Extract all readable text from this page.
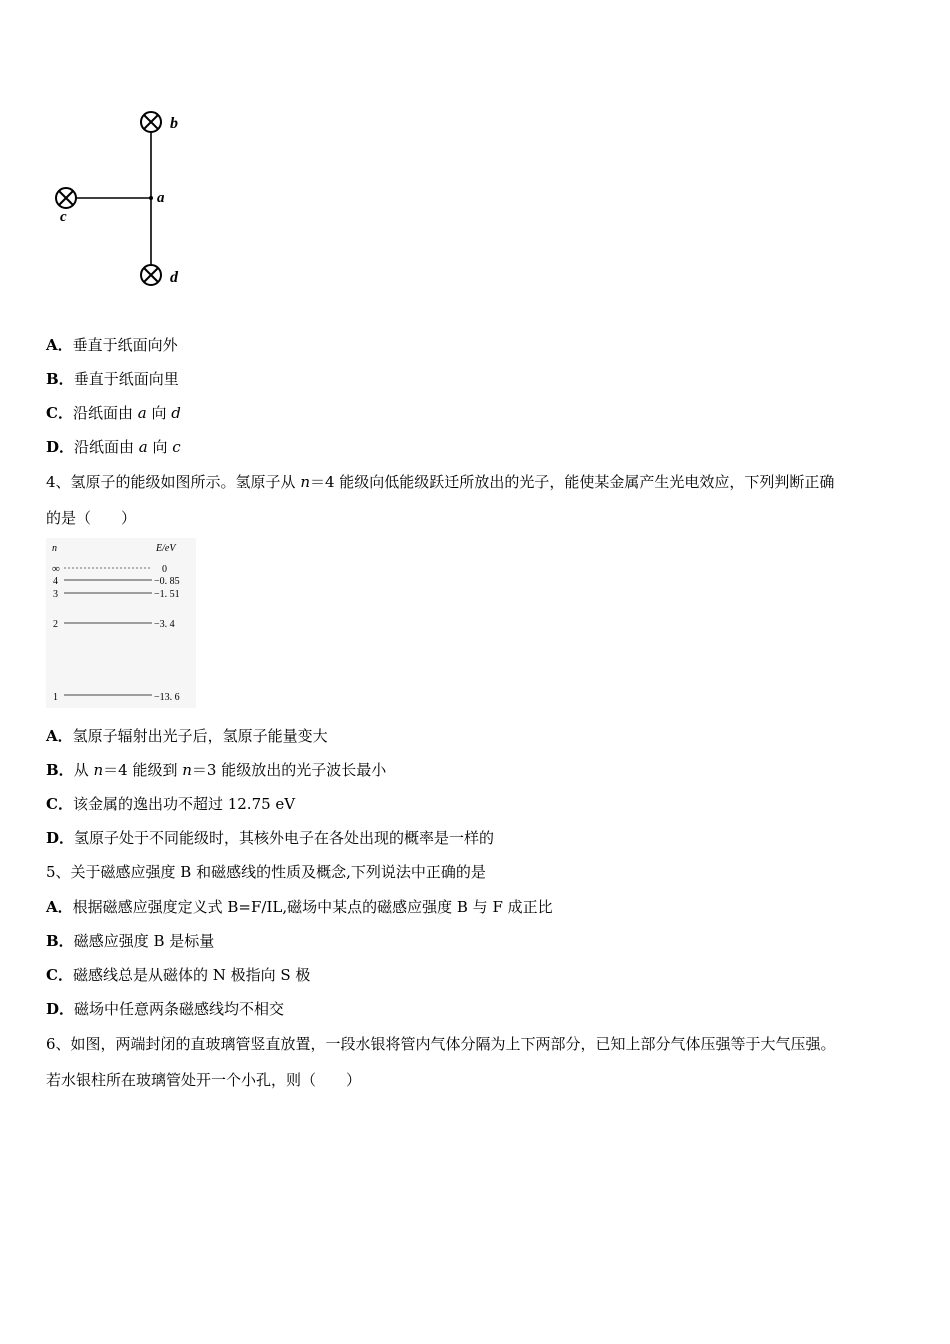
b
a
c
d
A．垂直于纸面向外
B．垂直于纸面向里
C．沿纸面由 a 向 d
D．沿纸面由 a 向 c
4、氢原子的能级如图所示。氢原子从 n＝4 能级向低能级跃迁所放出的光子，能使某金属产生光电效应，下列判断正确
的是（　　）
n	E/eV
∞	0
4	−0. 85
3	−1. 51
2	−3. 4
1	−13. 6
A．氢原子辐射出光子后，氢原子能量变大
B．从 n＝4 能级到 n＝3 能级放出的光子波长最小
C．该金属的逸出功不超过 12.75 eV
D．氢原子处于不同能级时，其核外电子在各处出现的概率是一样的
5、关于磁感应强度 B 和磁感线的性质及概念,下列说法中正确的是
A．根据磁感应强度定义式 B=F/IL,磁场中某点的磁感应强度 B 与 F 成正比
B．磁感应强度 B 是标量
C．磁感线总是从磁体的 N 极指向 S 极
D．磁场中任意两条磁感线均不相交
6、如图，两端封闭的直玻璃管竖直放置，一段水银将管内气体分隔为上下两部分，已知上部分气体压强等于大气压强。
若水银柱所在玻璃管处开一个小孔，则（　　）
